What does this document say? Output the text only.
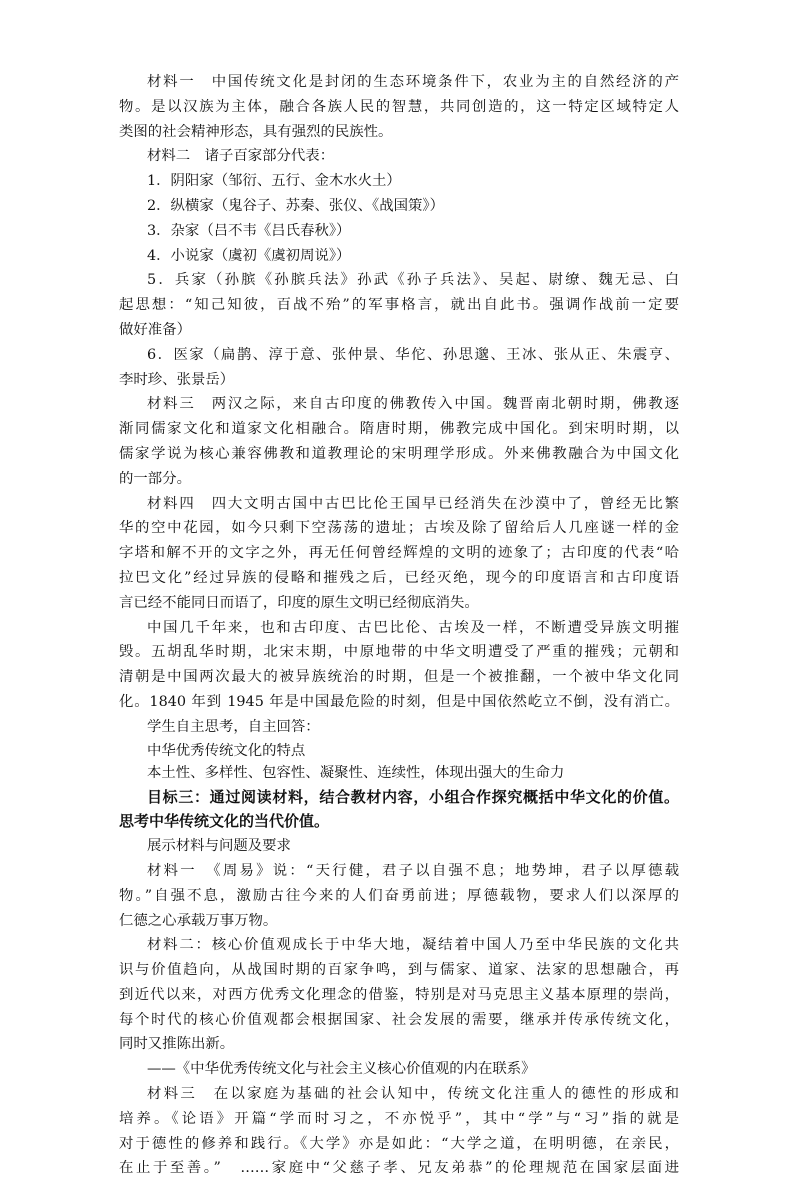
材料一　中国传统文化是封闭的生态环境条件下，农业为主的自然经济的产
物。是以汉族为主体，融合各族人民的智慧，共同创造的，这一特定区域特定人
类图的社会精神形态，具有强烈的民族性。
材料二　诸子百家部分代表：
1．阴阳家（邹衍、五行、金木水火土）
2．纵横家（鬼谷子、苏秦、张仪、《战国策》）
3．杂家（吕不韦《吕氏春秋》）
4．小说家（虞初《虞初周说》）
5．兵家（孙膑《孙膑兵法》孙武《孙子兵法》、吴起、尉缭、魏无忌、白
起思想：“知己知彼，百战不殆”的军事格言，就出自此书。强调作战前一定要
做好准备）
6．医家（扁鹊、淳于意、张仲景、华佗、孙思邈、王冰、张从正、朱震亨、
李时珍、张景岳）
材料三　两汉之际，来自古印度的佛教传入中国。魏晋南北朝时期，佛教逐
渐同儒家文化和道家文化相融合。隋唐时期，佛教完成中国化。到宋明时期，以
儒家学说为核心兼容佛教和道教理论的宋明理学形成。外来佛教融合为中国文化
的一部分。
材料四　四大文明古国中古巴比伦王国早已经消失在沙漠中了，曾经无比繁
华的空中花园，如今只剩下空荡荡的遗址；古埃及除了留给后人几座谜一样的金
字塔和解不开的文字之外，再无任何曾经辉煌的文明的迹象了；古印度的代表“哈
拉巴文化”经过异族的侵略和摧残之后，已经灭绝，现今的印度语言和古印度语
言已经不能同日而语了，印度的原生文明已经彻底消失。
中国几千年来，也和古印度、古巴比伦、古埃及一样，不断遭受异族文明摧
毁。五胡乱华时期，北宋末期，中原地带的中华文明遭受了严重的摧残；元朝和
清朝是中国两次最大的被异族统治的时期，但是一个被推翻，一个被中华文化同
化。1840 年到 1945 年是中国最危险的时刻，但是中国依然屹立不倒，没有消亡。
学生自主思考，自主回答：
中华优秀传统文化的特点
本土性、多样性、包容性、凝聚性、连续性，体现出强大的生命力
目标三：通过阅读材料，结合教材内容，小组合作探究概括中华文化的价值。
思考中华传统文化的当代价值。
展示材料与问题及要求
材料一　《周易》说：“天行健，君子以自强不息；地势坤，君子以厚德载
物。”自强不息，激励古往今来的人们奋勇前进；厚德载物，要求人们以深厚的
仁德之心承载万事万物。
材料二：核心价值观成长于中华大地，凝结着中国人乃至中华民族的文化共
识与价值趋向，从战国时期的百家争鸣，到与儒家、道家、法家的思想融合，再
到近代以来，对西方优秀文化理念的借鉴，特别是对马克思主义基本原理的崇尚，
每个时代的核心价值观都会根据国家、社会发展的需要，继承并传承传统文化，
同时又推陈出新。
——《中华优秀传统文化与社会主义核心价值观的内在联系》
材料三　在以家庭为基础的社会认知中，传统文化注重人的德性的形成和
培养。《论语》开篇“学而时习之，不亦悦乎”，其中“学”与“习”指的就是
对于德性的修养和践行。《大学》亦是如此：“大学之道，在明明德，在亲民，
在止于至善。”　……家庭中“父慈子孝、兄友弟恭”的伦理规范在国家层面进
